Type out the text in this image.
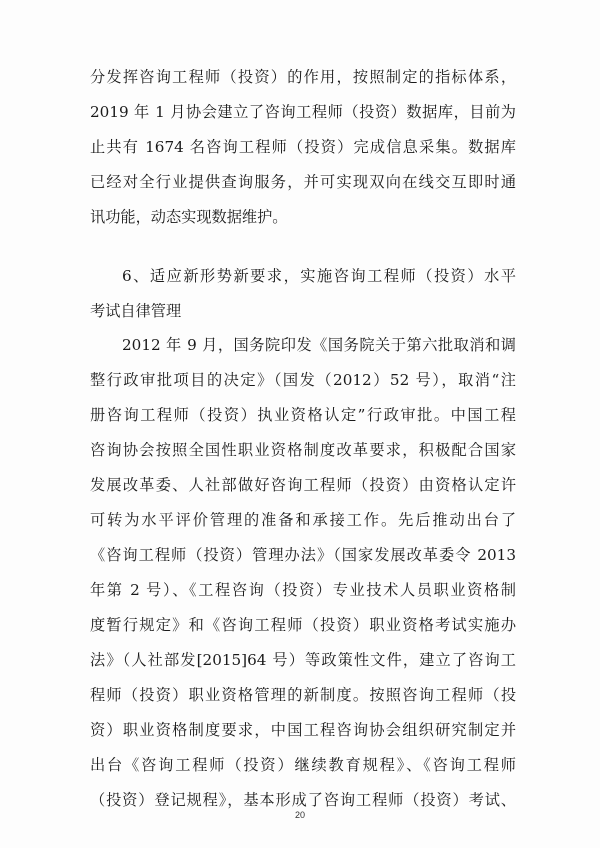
分发挥咨询工程师（投资）的作用，按照制定的指标体系，
2019 年 1 月协会建立了咨询工程师（投资）数据库，目前为
止共有 1674 名咨询工程师（投资）完成信息采集。数据库
已经对全行业提供查询服务，并可实现双向在线交互即时通
讯功能，动态实现数据维护。
6、适应新形势新要求，实施咨询工程师（投资）水平
考试自律管理
2012 年 9 月，国务院印发《国务院关于第六批取消和调
整行政审批项目的决定》（国发（2012）52 号），取消“注
册咨询工程师（投资）执业资格认定”行政审批。中国工程
咨询协会按照全国性职业资格制度改革要求，积极配合国家
发展改革委、人社部做好咨询工程师（投资）由资格认定许
可转为水平评价管理的准备和承接工作。先后推动出台了
《咨询工程师（投资）管理办法》（国家发展改革委令 2013
年第 2 号）、《工程咨询（投资）专业技术人员职业资格制
度暂行规定》和《咨询工程师（投资）职业资格考试实施办
法》（人社部发[2015]64 号）等政策性文件，建立了咨询工
程师（投资）职业资格管理的新制度。按照咨询工程师（投
资）职业资格制度要求，中国工程咨询协会组织研究制定并
出台《咨询工程师（投资）继续教育规程》、《咨询工程师
（投资）登记规程》，基本形成了咨询工程师（投资）考试、
20
